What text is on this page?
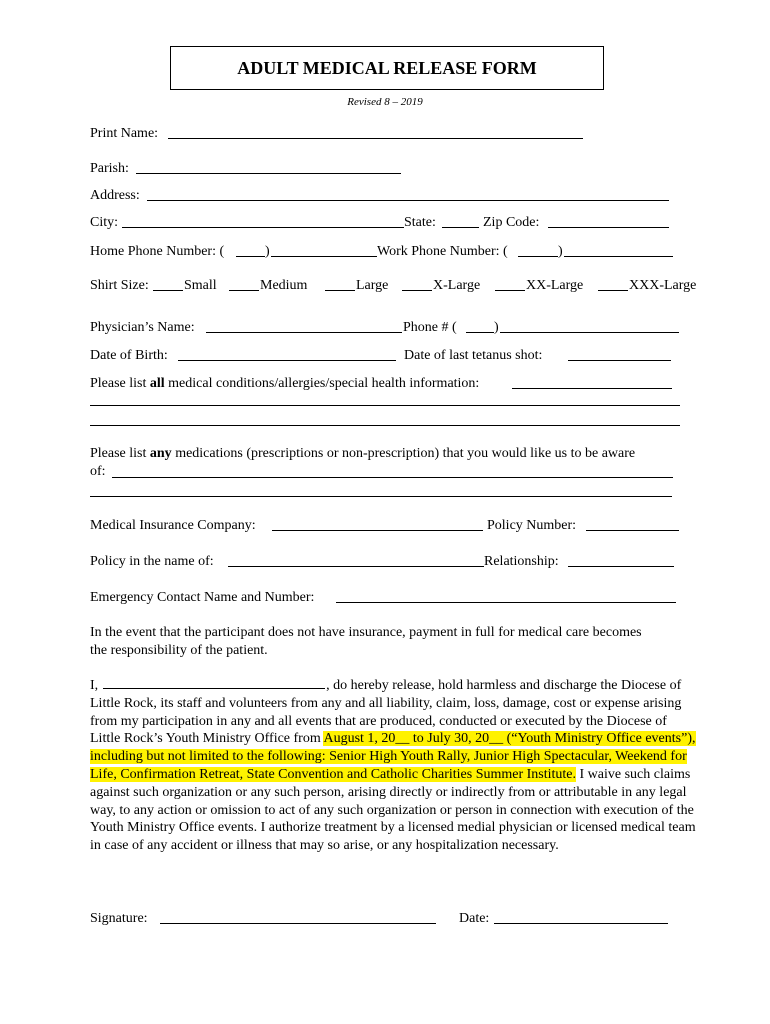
ADULT MEDICAL RELEASE FORM
Revised 8 – 2019
Print Name:
Parish:
Address:
City:	State:	Zip Code:
Home Phone Number: (	)	Work Phone Number: (	)
Shirt Size:	Small	Medium	Large	X-Large	XX-Large	XXX-Large
Physician’s Name:	Phone # (	)
Date of Birth:	Date of last tetanus shot:
Please list all medical conditions/allergies/special health information:
Please list any medications (prescriptions or non-prescription) that you would like us to be aware
of:
Medical Insurance Company:	Policy Number:
Policy in the name of:	Relationship:
Emergency Contact Name and Number:
In the event that the participant does not have insurance, payment in full for medical care becomes the responsibility of the patient.
I,	, do hereby release, hold harmless and discharge the Diocese of Little Rock, its staff and volunteers from any and all liability, claim, loss, damage, cost or expense arising from my participation in any and all events that are produced, conducted or executed by the Diocese of Little Rock’s Youth Ministry Office from August 1, 20__ to July 30, 20__ (“Youth Ministry Office events”), including but not limited to the following: Senior High Youth Rally, Junior High Spectacular, Weekend for Life, Confirmation Retreat, State Convention and Catholic Charities Summer Institute. I waive such claims against such organization or any such person, arising directly or indirectly from or attributable in any legal way, to any action or omission to act of any such organization or person in connection with execution of the Youth Ministry Office events. I authorize treatment by a licensed medial physician or licensed medical team in case of any accident or illness that may so arise, or any hospitalization necessary.
Signature:	Date:
